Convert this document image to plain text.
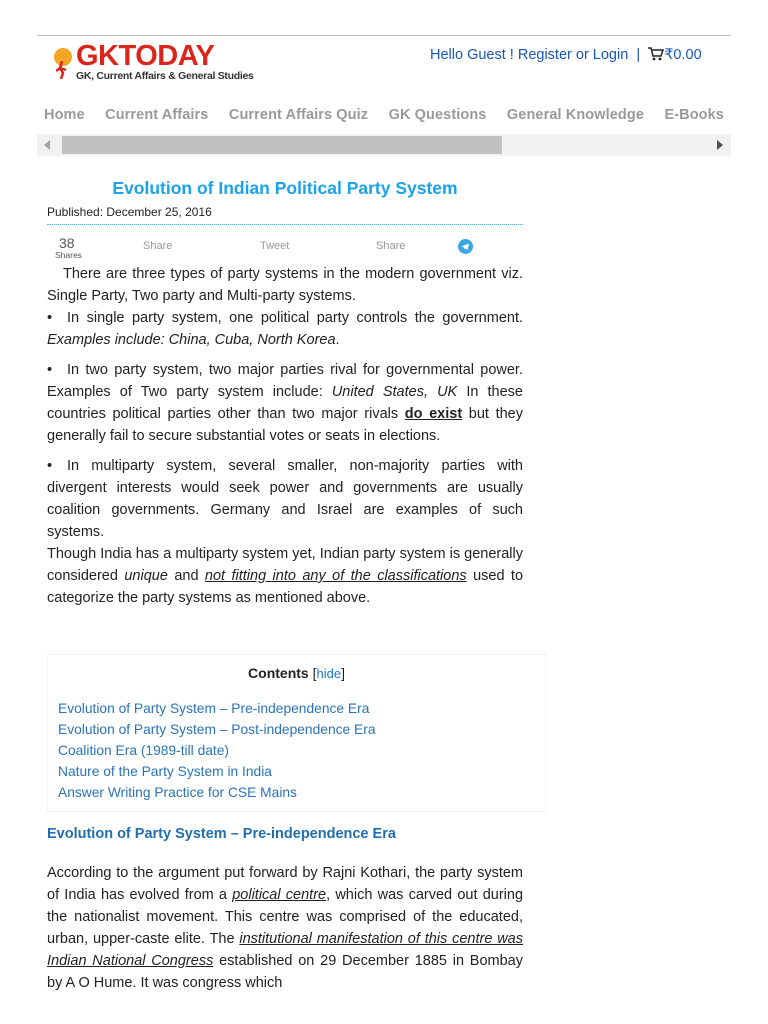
GKTODAY
GK, Current Affairs & General Studies
Hello Guest ! Register or Login | ₹0.00
Home Current Affairs Current Affairs Quiz GK Questions General Knowledge E-Books
Evolution of Indian Political Party System
Published: December 25, 2016
38
Shares
Share	Tweet	Share

There are three types of party systems in the modern government viz. Single Party, Two party and Multi-party systems.

• In single party system, one political party controls the government. Examples include: China, Cuba, North Korea.

• In two party system, two major parties rival for governmental power. Examples of Two party system include: United States, UK In these countries political parties other than two major rivals do exist but they generally fail to secure substantial votes or seats in elections.

• In multiparty system, several smaller, non-majority parties with divergent interests would seek power and governments are usually coalition governments. Germany and Israel are examples of such systems.

Though India has a multiparty system yet, Indian party system is generally considered unique and not fitting into any of the classifications used to categorize the party systems as mentioned above.

Contents [hide]
Evolution of Party System – Pre-independence Era
Evolution of Party System – Post-independence Era
Coalition Era (1989-till date)
Nature of the Party System in India
Answer Writing Practice for CSE Mains
Evolution of Party System – Pre-independence Era

According to the argument put forward by Rajni Kothari, the party system of India has evolved from a political centre, which was carved out during the nationalist movement. This centre was comprised of the educated, urban, upper-caste elite. The institutional manifestation of this centre was Indian National Congress established on 29 December 1885 in Bombay by A O Hume. It was congress which
